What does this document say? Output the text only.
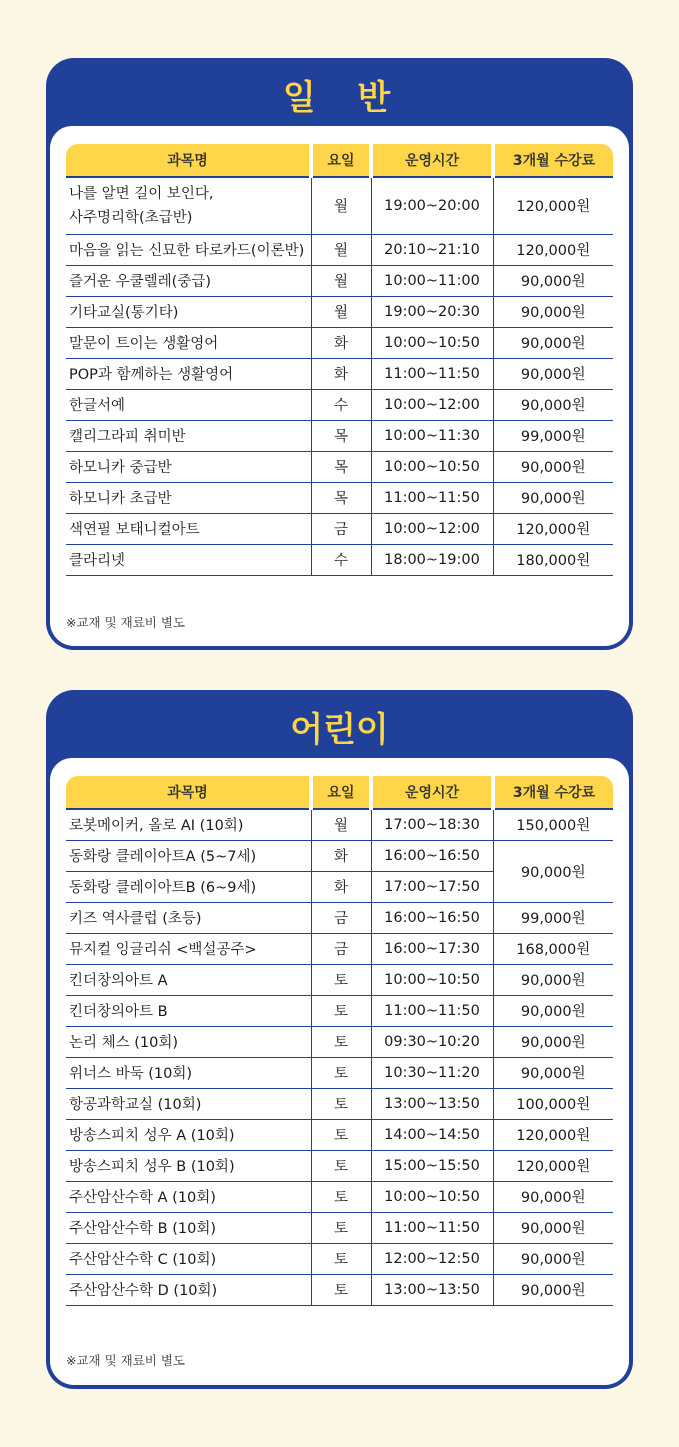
일  반
과목명	요일	운영시간	3개월 수강료

나를 알면 길이 보인다,
사주명리학(초급반)	월	19:00~20:00	120,000원
마음을 읽는 신묘한 타로카드(이론반)	월	20:10~21:10	120,000원
즐거운 우쿨렐레(중급)	월	10:00~11:00	90,000원
기타교실(통기타)	월	19:00~20:30	90,000원
말문이 트이는 생활영어	화	10:00~10:50	90,000원
POP과 함께하는 생활영어	화	11:00~11:50	90,000원
한글서예	수	10:00~12:00	90,000원
캘리그라피 취미반	목	10:00~11:30	99,000원
하모니카 중급반	목	10:00~10:50	90,000원
하모니카 초급반	목	11:00~11:50	90,000원
색연필 보태니컬아트	금	10:00~12:00	120,000원
클라리넷	수	18:00~19:00	180,000원
※교재 및 재료비 별도
어린이
과목명	요일	운영시간	3개월 수강료
로봇메이커, 올로 AI (10회)	월	17:00~18:30	150,000원
동화랑 클레이아트A (5~7세)	화	16:00~16:50	90,000원
동화랑 클레이아트B (6~9세)	화	17:00~17:50	
키즈 역사클럽 (초등)	금	16:00~16:50	99,000원
뮤지컬 잉글리쉬 <백설공주>	금	16:00~17:30	168,000원
킨더창의아트 A	토	10:00~10:50	90,000원
킨더창의아트 B	토	11:00~11:50	90,000원
논리 체스 (10회)	토	09:30~10:20	90,000원
위너스 바둑 (10회)	토	10:30~11:20	90,000원
항공과학교실 (10회)	토	13:00~13:50	100,000원
방송스피치 성우 A (10회)	토	14:00~14:50	120,000원
방송스피치 성우 B (10회)	토	15:00~15:50	120,000원
주산암산수학 A (10회)	토	10:00~10:50	90,000원
주산암산수학 B (10회)	토	11:00~11:50	90,000원
주산암산수학 C (10회)	토	12:00~12:50	90,000원
주산암산수학 D (10회)	토	13:00~13:50	90,000원
※교재 및 재료비 별도
